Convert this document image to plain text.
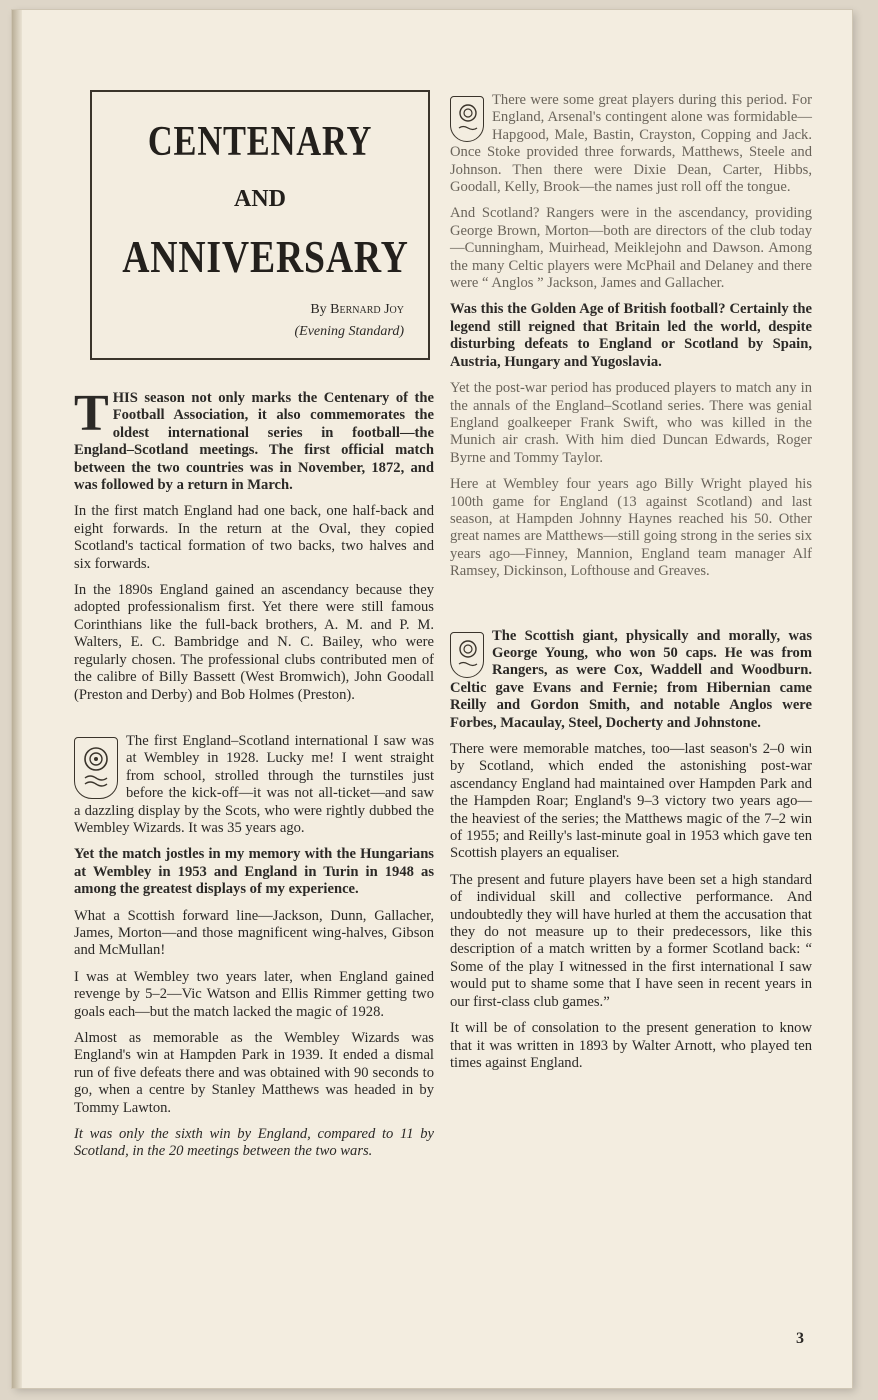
CENTENARY
AND
ANNIVERSARY
By Bernard Joy
(Evening Standard)

THIS season not only marks the Centenary of the Football Association, it also commemorates the oldest international series in football—the England–Scotland meetings. The first official match between the two countries was in November, 1872, and was followed by a return in March.

In the first match England had one back, one half-back and eight forwards. In the return at the Oval, they copied Scotland's tactical formation of two backs, two halves and six forwards.

In the 1890s England gained an ascendancy because they adopted professionalism first. Yet there were still famous Corinthians like the full-back brothers, A. M. and P. M. Walters, E. C. Bambridge and N. C. Bailey, who were regularly chosen. The professional clubs contributed men of the calibre of Billy Bassett (West Bromwich), John Goodall (Preston and Derby) and Bob Holmes (Preston).

The first England–Scotland international I saw was at Wembley in 1928. Lucky me! I went straight from school, strolled through the turnstiles just before the kick-off—it was not all-ticket—and saw a dazzling display by the Scots, who were rightly dubbed the Wembley Wizards. It was 35 years ago.

Yet the match jostles in my memory with the Hungarians at Wembley in 1953 and England in Turin in 1948 as among the greatest displays of my experience.

What a Scottish forward line—Jackson, Dunn, Gallacher, James, Morton—and those magnificent wing-halves, Gibson and McMullan!

I was at Wembley two years later, when England gained revenge by 5–2—Vic Watson and Ellis Rimmer getting two goals each—but the match lacked the magic of 1928.

Almost as memorable as the Wembley Wizards was England's win at Hampden Park in 1939. It ended a dismal run of five defeats there and was obtained with 90 seconds to go, when a centre by Stanley Matthews was headed in by Tommy Lawton.

It was only the sixth win by England, compared to 11 by Scotland, in the 20 meetings between the two wars.

There were some great players during this period. For England, Arsenal's contingent alone was formidable—Hapgood, Male, Bastin, Crayston, Copping and Jack. Once Stoke provided three forwards, Matthews, Steele and Johnson. Then there were Dixie Dean, Carter, Hibbs, Goodall, Kelly, Brook—the names just roll off the tongue.

And Scotland? Rangers were in the ascendancy, providing George Brown, Morton—both are directors of the club today—Cunningham, Muirhead, Meiklejohn and Dawson. Among the many Celtic players were McPhail and Delaney and there were “ Anglos ” Jackson, James and Gallacher.

Was this the Golden Age of British football? Certainly the legend still reigned that Britain led the world, despite disturbing defeats to England or Scotland by Spain, Austria, Hungary and Yugoslavia.

Yet the post-war period has produced players to match any in the annals of the England–Scotland series. There was genial England goalkeeper Frank Swift, who was killed in the Munich air crash. With him died Duncan Edwards, Roger Byrne and Tommy Taylor.

Here at Wembley four years ago Billy Wright played his 100th game for England (13 against Scotland) and last season, at Hampden Johnny Haynes reached his 50. Other great names are Matthews—still going strong in the series six years ago—Finney, Mannion, England team manager Alf Ramsey, Dickinson, Lofthouse and Greaves.

The Scottish giant, physically and morally, was George Young, who won 50 caps. He was from Rangers, as were Cox, Waddell and Woodburn. Celtic gave Evans and Fernie; from Hibernian came Reilly and Gordon Smith, and notable Anglos were Forbes, Macaulay, Steel, Docherty and Johnstone.

There were memorable matches, too—last season's 2–0 win by Scotland, which ended the astonishing post-war ascendancy England had maintained over Hampden Park and the Hampden Roar; England's 9–3 victory two years ago—the heaviest of the series; the Matthews magic of the 7–2 win of 1955; and Reilly's last-minute goal in 1953 which gave ten Scottish players an equaliser.

The present and future players have been set a high standard of individual skill and collective performance. And undoubtedly they will have hurled at them the accusation that they do not measure up to their predecessors, like this description of a match written by a former Scotland back: “ Some of the play I witnessed in the first international I saw would put to shame some that I have seen in recent years in our first-class club games.”

It will be of consolation to the present generation to know that it was written in 1893 by Walter Arnott, who played ten times against England.

3
